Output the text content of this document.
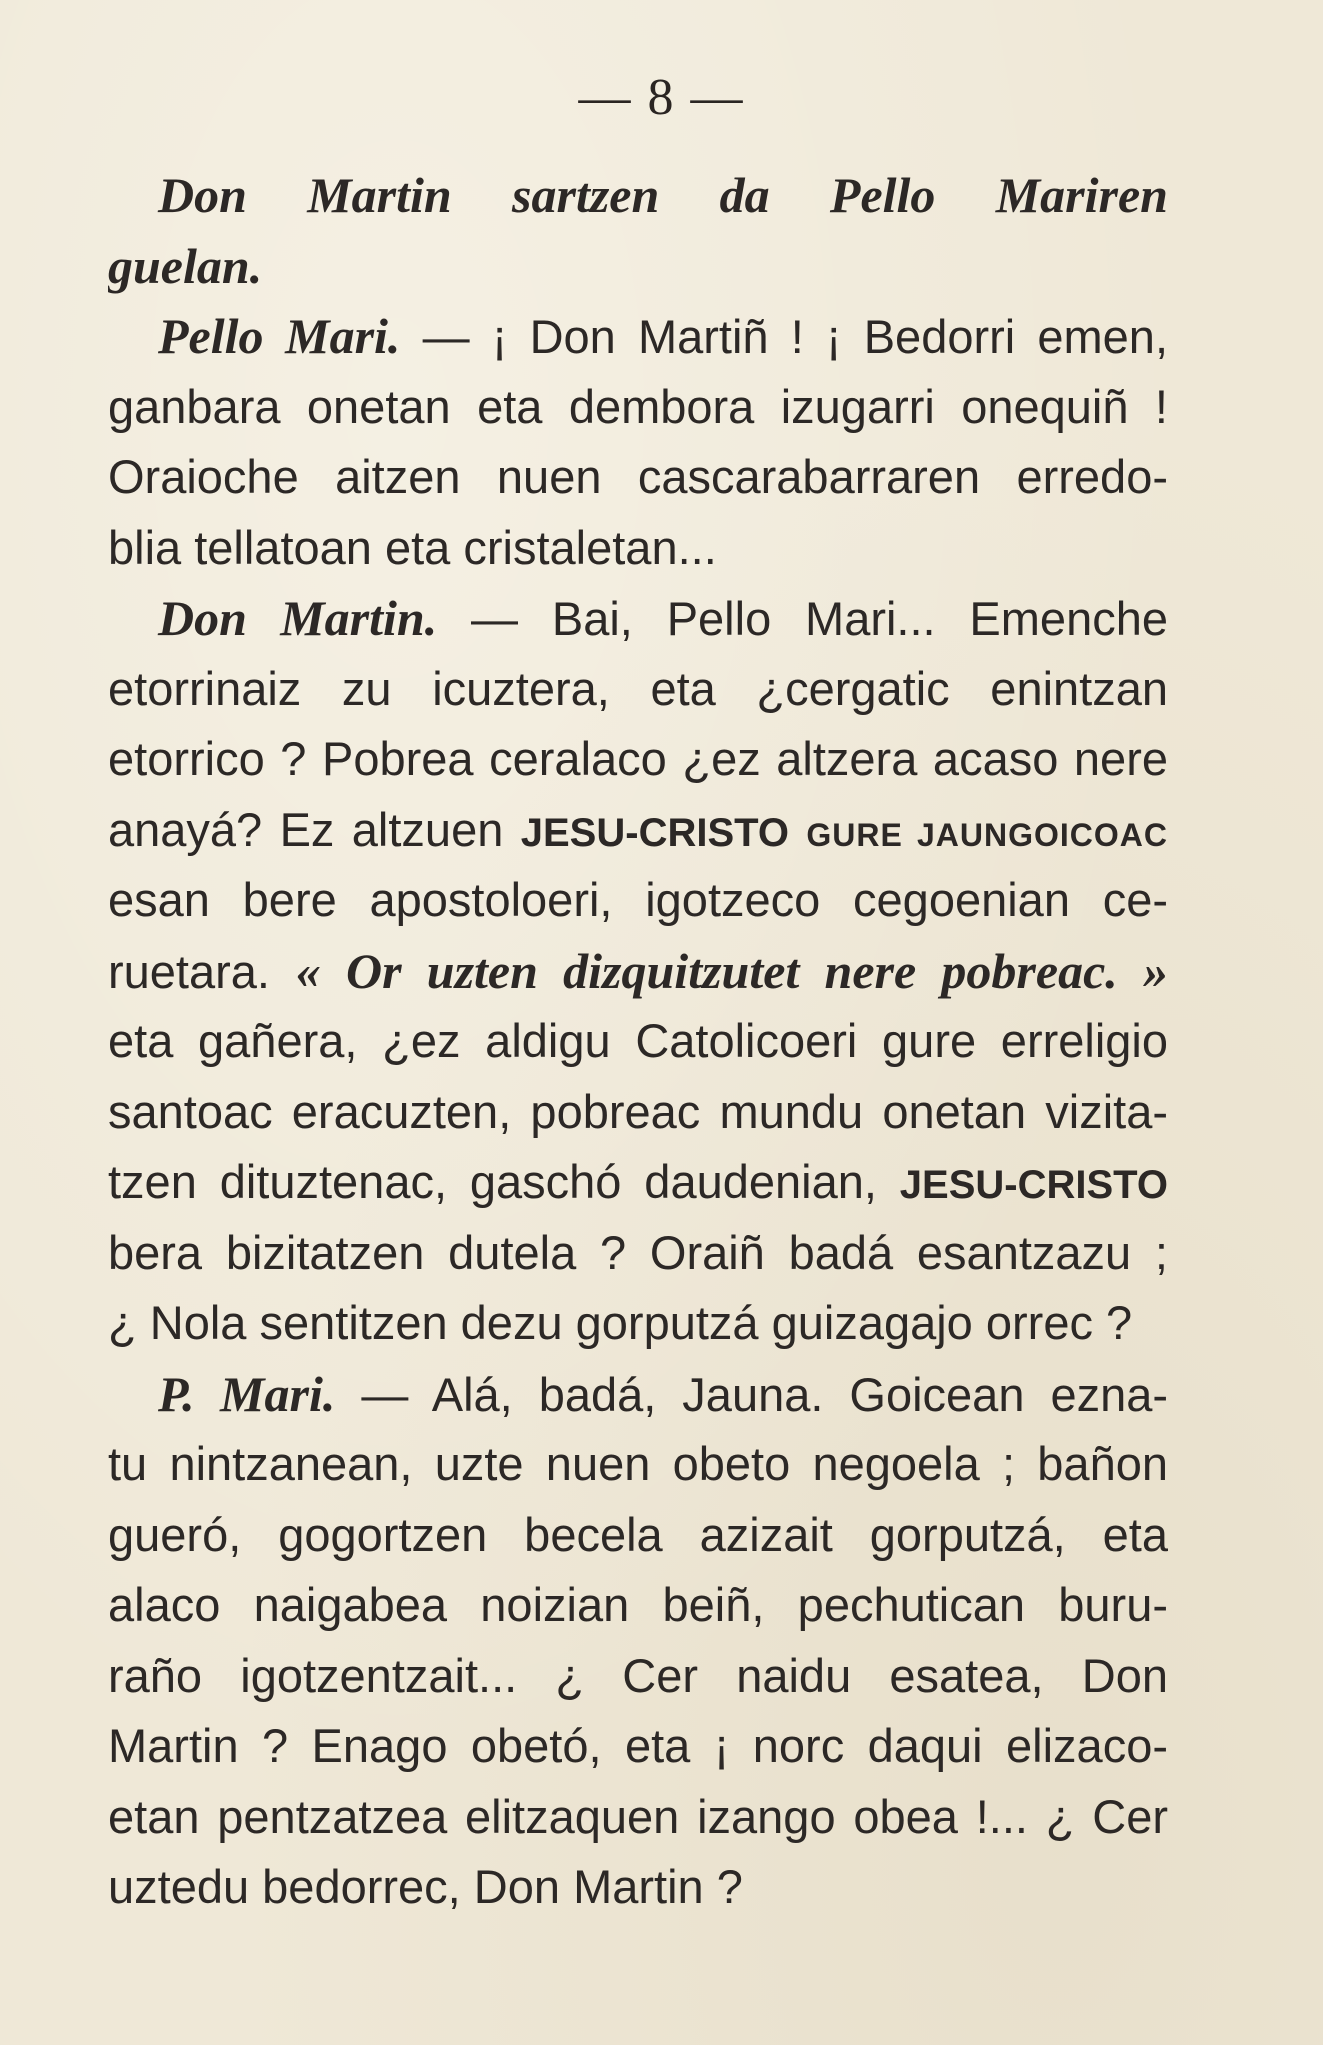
— 8 —
Don Martin sartzen da Pello Mariren
guelan.
Pello Mari. — ¡ Don Martiñ ! ¡ Bedorri emen,
ganbara onetan eta dembora izugarri onequiñ !
Oraioche aitzen nuen cascarabarraren erredo-
blia tellatoan eta cristaletan...
Don Martin. — Bai, Pello Mari... Emenche
etorrinaiz zu icuztera, eta ¿cergatic enintzan
etorrico ? Pobrea ceralaco ¿ez altzera acaso nere
anayá? Ez altzuen JESU-CRISTO GURE JAUNGOICOAC
esan bere apostoloeri, igotzeco cegoenian ce-
ruetara. « Or uzten dizquitzutet nere pobreac. »
eta gañera, ¿ez aldigu Catolicoeri gure erreligio
santoac eracuzten, pobreac mundu onetan vizita-
tzen dituztenac, gaschó daudenian, JESU-CRISTO
bera bizitatzen dutela ? Oraiñ badá esantzazu ;
¿ Nola sentitzen dezu gorputzá guizagajo orrec ?
P. Mari. — Alá, badá, Jauna. Goicean ezna-
tu nintzanean, uzte nuen obeto negoela ; bañon
gueró, gogortzen becela azizait gorputzá, eta
alaco naigabea noizian beiñ, pechutican buru-
raño igotzentzait... ¿ Cer naidu esatea, Don
Martin ? Enago obetó, eta ¡ norc daqui elizaco-
etan pentzatzea elitzaquen izango obea !... ¿ Cer
uztedu bedorrec, Don Martin ?
